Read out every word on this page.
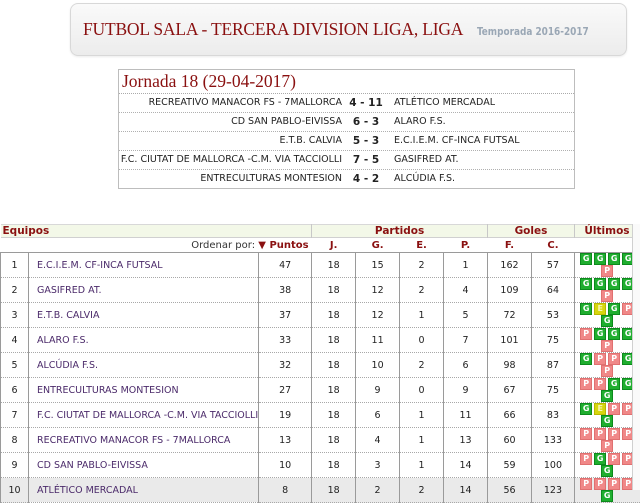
FUTBOL SALA - TERCERA DIVISION LIGA, LIGA Temporada 2016-2017
Jornada 18 (29-04-2017)
RECREATIVO MANACOR FS - 7MALLORCA 4 - 11	ATLÉTICO MERCADAL
CD SAN PABLO-EIVISSA	6 - 3	ALARO F.S.
E.T.B. CALVIA	5 - 3	E.C.I.E.M. CF-INCA FUTSAL
F.C. CIUTAT DE MALLORCA -C.M. VIA TACCIOLLI	7 - 5	GASIFRED AT.
ENTRECULTURAS MONTESION	4 - 2	ALCÚDIA F.S.
Equipos			Partidos				Goles		Últimos
Ordenar por: ▼ Puntos			J.	G.	E.	P.	F.	C.	
1	E.C.I.E.M. CF-INCA FUTSAL	47	18	15	2	1	162	57	G G G GP
2	GASIFRED AT.	38	18	12	2	4	109	64	G G G GP
3	E.T.B. CALVIA	37	18	12	1	5	72	53	G E G PG
4	ALARO F.S.	33	18	11	0	7	101	75	P G G GP
5	ALCÚDIA F.S.	32	18	10	2	6	98	87	G P P GP
6	ENTRECULTURAS MONTESION	27	18	9	0	9	67	75	P P G GG
7	F.C. CIUTAT DE MALLORCA -C.M. VIA TACCIOLLI	19	18	6	1	11	66	83	G E P PG
8	RECREATIVO MANACOR FS - 7MALLORCA	13	18	4	1	13	60	133	P P P PP
9	CD SAN PABLO-EIVISSA	10	18	3	1	14	59	100	P G P PG
10	ATLÉTICO MERCADAL	8	18	2	2	14	56	123	P P P PG
